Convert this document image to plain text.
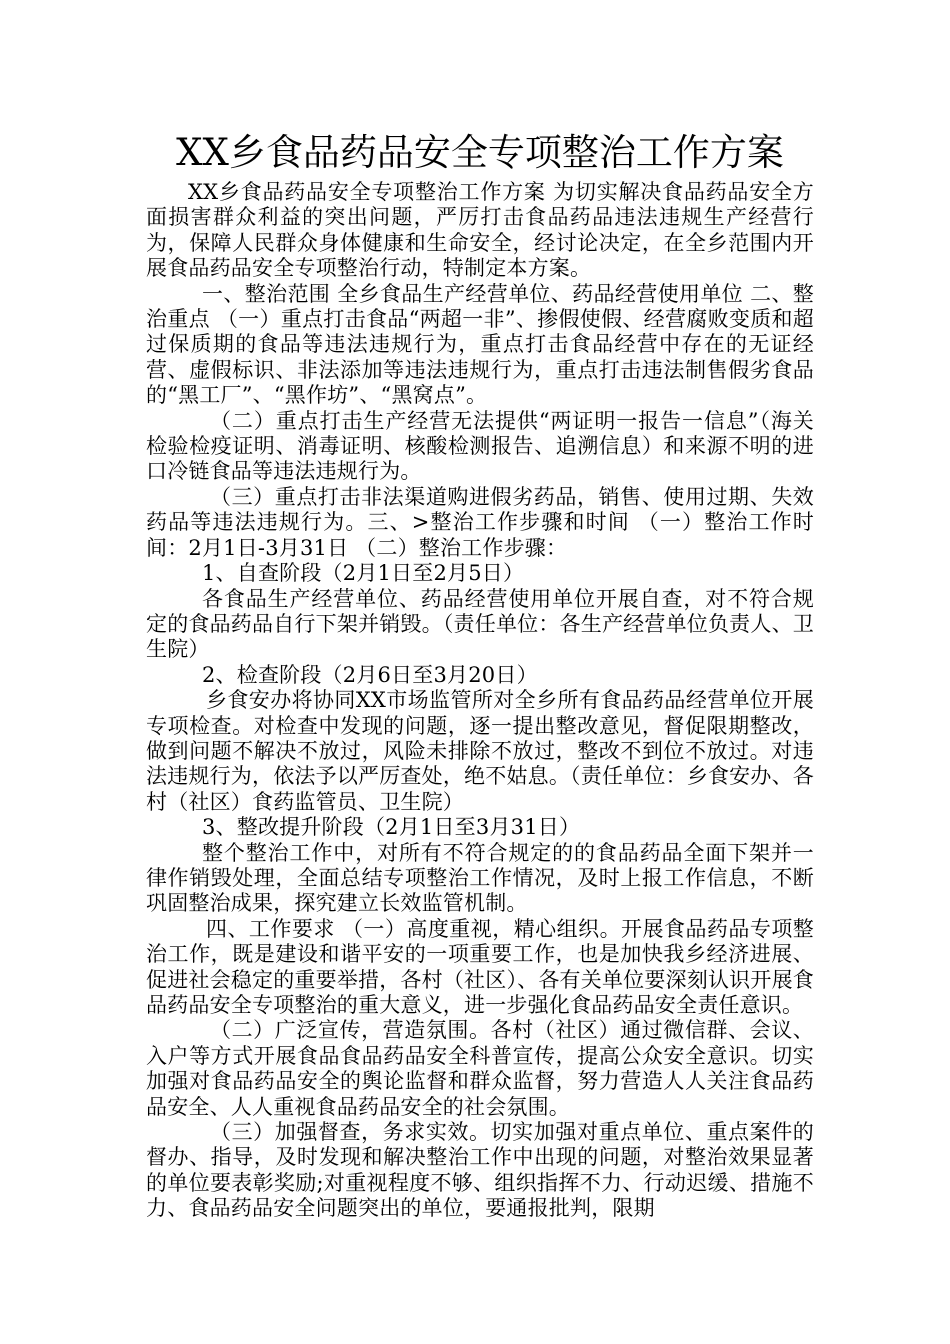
XX乡食品药品安全专项整治工作方案

XX乡食品药品安全专项整治工作方案 为切实解决食品药品安全方面损害群众利益的突出问题，严厉打击食品药品违法违规生产经营行为，保障人民群众身体健康和生命安全，经讨论决定，在全乡范围内开展食品药品安全专项整治行动，特制定本方案。

一、整治范围 全乡食品生产经营单位、药品经营使用单位 二、整治重点 （一）重点打击食品“两超一非”、掺假使假、经营腐败变质和超过保质期的食品等违法违规行为，重点打击食品经营中存在的无证经营、虚假标识、非法添加等违法违规行为，重点打击违法制售假劣食品的“黑工厂”、“黑作坊”、“黑窝点”。

（二）重点打击生产经营无法提供“两证明一报告一信息”（海关检验检疫证明、消毒证明、核酸检测报告、追溯信息）和来源不明的进口冷链食品等违法违规行为。

（三）重点打击非法渠道购进假劣药品，销售、使用过期、失效药品等违法违规行为。三、>整治工作步骤和时间 （一）整治工作时间：2月1日-3月31日 （二）整治工作步骤：

1、自查阶段（2月1日至2月5日）

各食品生产经营单位、药品经营使用单位开展自查，对不符合规定的食品药品自行下架并销毁。（责任单位：各生产经营单位负责人、卫生院）

2、检查阶段（2月6日至3月20日）

乡食安办将协同XX市场监管所对全乡所有食品药品经营单位开展专项检查。对检查中发现的问题，逐一提出整改意见，督促限期整改，做到问题不解决不放过，风险未排除不放过，整改不到位不放过。对违法违规行为，依法予以严厉查处，绝不姑息。（责任单位：乡食安办、各村（社区）食药监管员、卫生院）

3、整改提升阶段（2月1日至3月31日）

整个整治工作中，对所有不符合规定的的食品药品全面下架并一律作销毁处理，全面总结专项整治工作情况，及时上报工作信息，不断巩固整治成果，探究建立长效监管机制。

四、工作要求 （一）高度重视，精心组织。开展食品药品专项整治工作，既是建设和谐平安的一项重要工作，也是加快我乡经济进展、促进社会稳定的重要举措，各村（社区）、各有关单位要深刻认识开展食品药品安全专项整治的重大意义，进一步强化食品药品安全责任意识。

（二）广泛宣传，营造氛围。各村（社区）通过微信群、会议、入户等方式开展食品食品药品安全科普宣传，提高公众安全意识。切实加强对食品药品安全的舆论监督和群众监督，努力营造人人关注食品药品安全、人人重视食品药品安全的社会氛围。

（三）加强督查，务求实效。切实加强对重点单位、重点案件的督办、指导，及时发现和解决整治工作中出现的问题，对整治效果显著的单位要表彰奖励;对重视程度不够、组织指挥不力、行动迟缓、措施不力、食品药品安全问题突出的单位，要通报批判，限期
